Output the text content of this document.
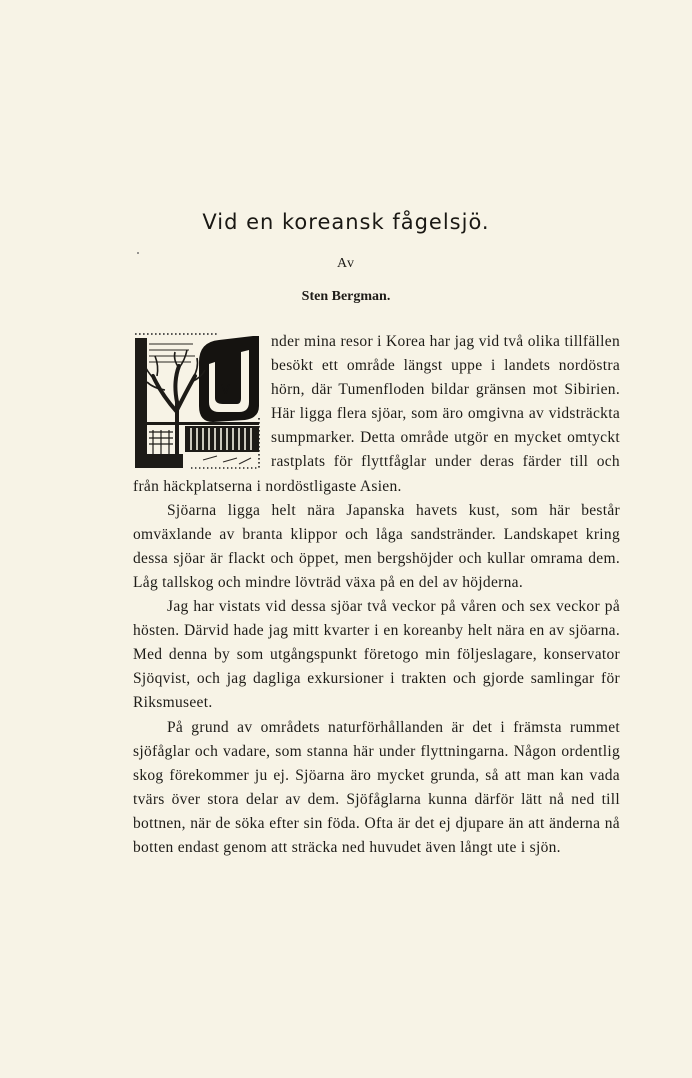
Vid en koreansk fågelsjö.
Av
Sten Bergman.

V
nder mina resor i Korea har jag vid två olika tillfällen besökt ett område längst uppe i landets nordöstra hörn, där Tumenfloden bildar gränsen mot Sibirien. Här ligga flera sjöar, som äro omgivna av vidsträckta sumpmarker. Detta område utgör en mycket omtyckt rastplats för flyttfåglar under deras färder till och från häckplatserna i nordöstligaste Asien.

Sjöarna ligga helt nära Japanska havets kust, som här består omväxlande av branta klippor och låga sandstränder. Landskapet kring dessa sjöar är flackt och öppet, men bergshöjder och kullar omrama dem. Låg tallskog och mindre lövträd växa på en del av höjderna.

Jag har vistats vid dessa sjöar två veckor på våren och sex veckor på hösten. Därvid hade jag mitt kvarter i en koreanby helt nära en av sjöarna. Med denna by som utgångspunkt företogo min följeslagare, konservator Sjöqvist, och jag dagliga exkursioner i trakten och gjorde samlingar för Riksmuseet.

På grund av områdets naturförhållanden är det i främsta rummet sjöfåglar och vadare, som stanna här under flyttningarna. Någon ordentlig skog förekommer ju ej. Sjöarna äro mycket grunda, så att man kan vada tvärs över stora delar av dem. Sjöfåglarna kunna därför lätt nå ned till bottnen, när de söka efter sin föda. Ofta är det ej djupare än att änderna nå botten endast genom att sträcka ned huvudet även långt ute i sjön.
